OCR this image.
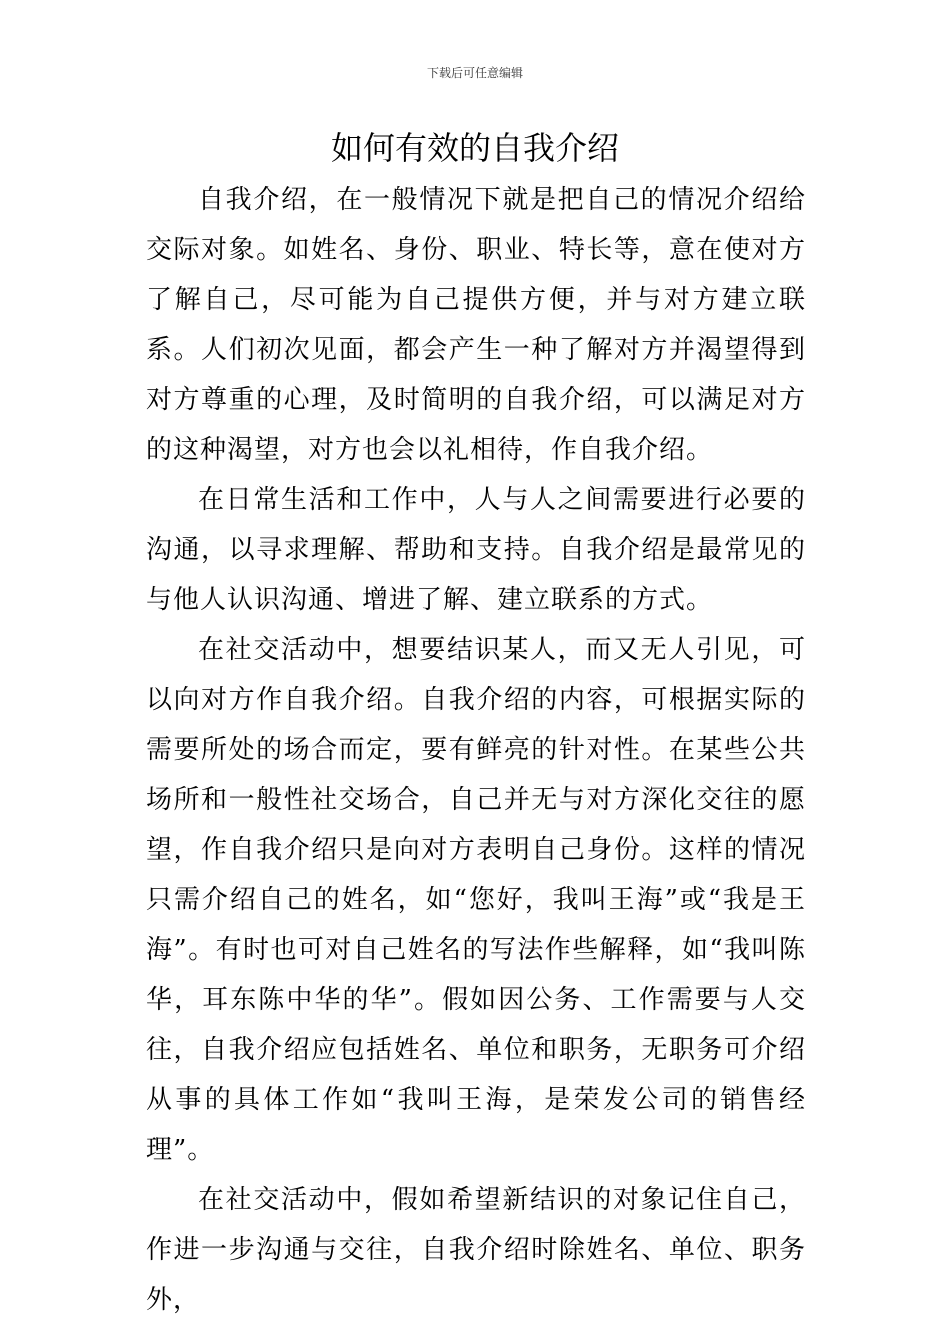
下载后可任意编辑
如何有效的自我介绍

自我介绍，在一般情况下就是把自己的情况介绍给交际对象。如姓名、身份、职业、特长等，意在使对方了解自己，尽可能为自己提供方便，并与对方建立联系。人们初次见面，都会产生一种了解对方并渴望得到对方尊重的心理，及时简明的自我介绍，可以满足对方的这种渴望，对方也会以礼相待，作自我介绍。

在日常生活和工作中，人与人之间需要进行必要的沟通，以寻求理解、帮助和支持。自我介绍是最常见的与他人认识沟通、增进了解、建立联系的方式。

在社交活动中，想要结识某人，而又无人引见，可以向对方作自我介绍。自我介绍的内容，可根据实际的需要所处的场合而定，要有鲜亮的针对性。在某些公共场所和一般性社交场合，自己并无与对方深化交往的愿望，作自我介绍只是向对方表明自己身份。这样的情况只需介绍自己的姓名，如“您好，我叫王海”或“我是王海”。有时也可对自己姓名的写法作些解释，如“我叫陈华，耳东陈中华的华”。假如因公务、工作需要与人交往，自我介绍应包括姓名、单位和职务，无职务可介绍从事的具体工作如“我叫王海，是荣发公司的销售经理”。

在社交活动中，假如希望新结识的对象记住自己，作进一步沟通与交往，自我介绍时除姓名、单位、职务外，
